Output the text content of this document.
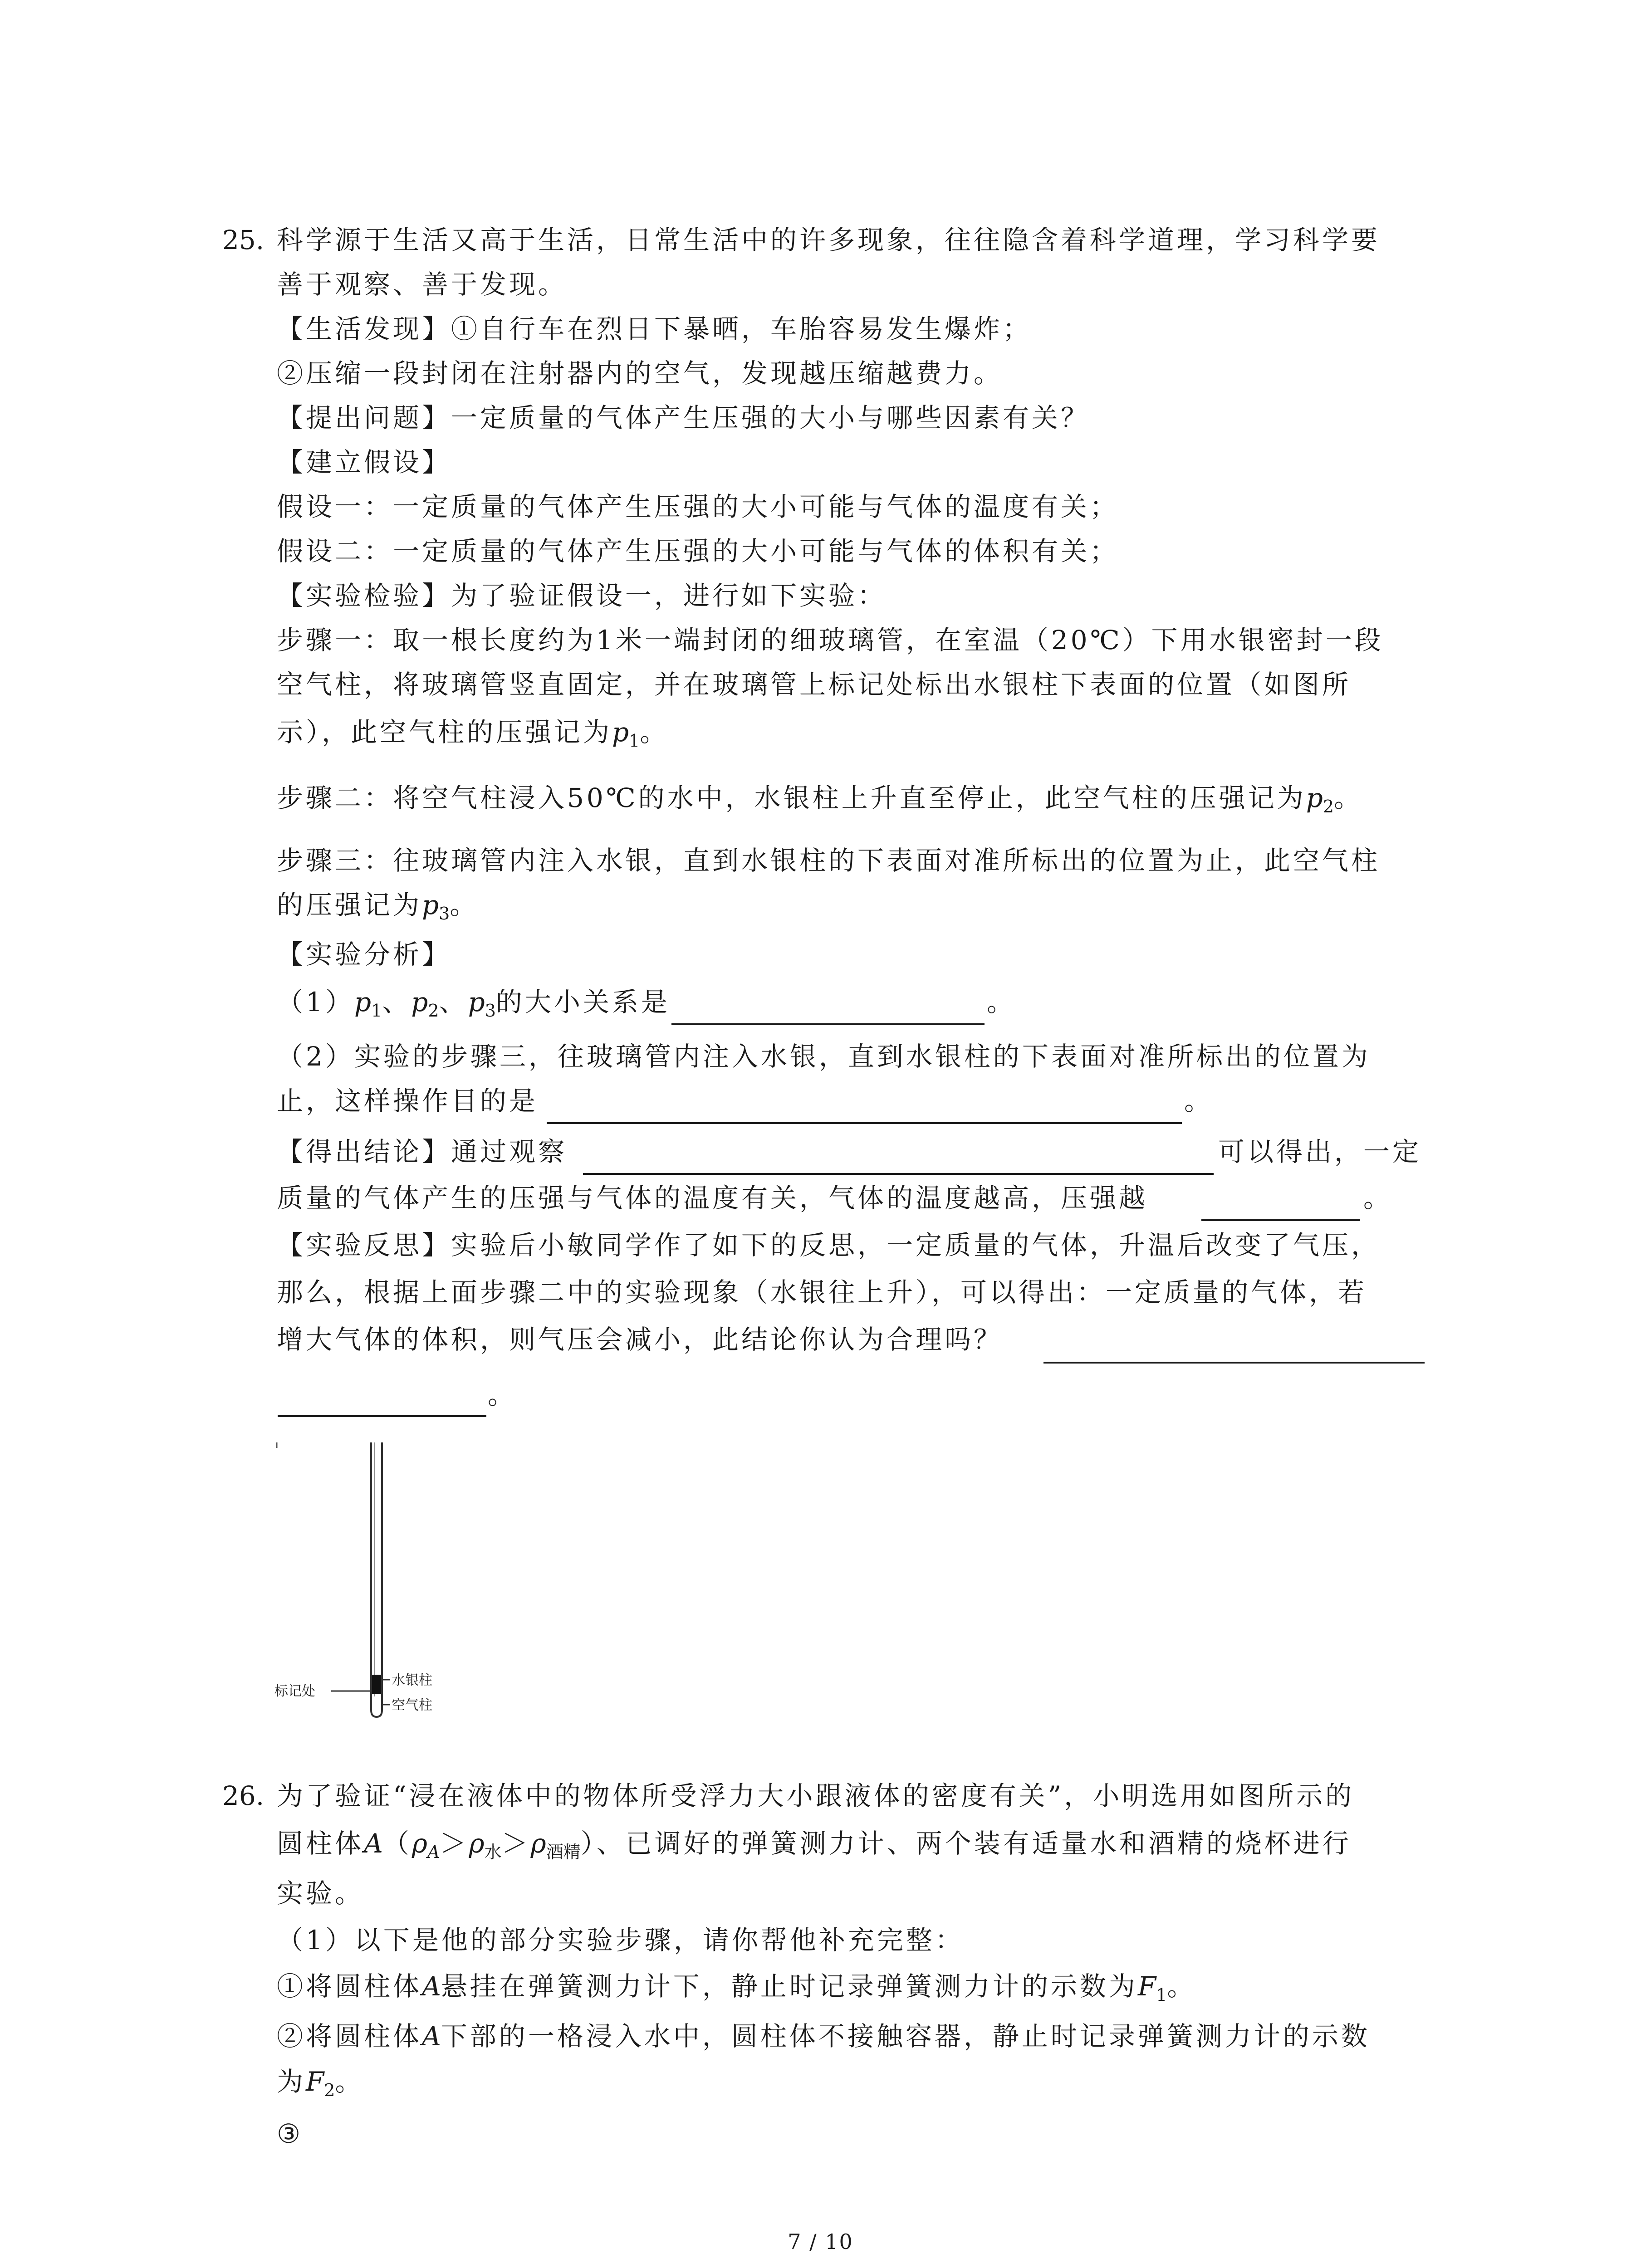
25. 科学源于生活又高于生活，日常生活中的许多现象，往往隐含着科学道理，学习科学要
善于观察、善于发现。
【生活发现】①自行车在烈日下暴晒，车胎容易发生爆炸；
②压缩一段封闭在注射器内的空气，发现越压缩越费力。
【提出问题】一定质量的气体产生压强的大小与哪些因素有关？
【建立假设】
假设一：一定质量的气体产生压强的大小可能与气体的温度有关；
假设二：一定质量的气体产生压强的大小可能与气体的体积有关；
【实验检验】为了验证假设一，进行如下实验：
步骤一：取一根长度约为1米一端封闭的细玻璃管，在室温（20℃）下用水银密封一段
空气柱，将玻璃管竖直固定，并在玻璃管上标记处标出水银柱下表面的位置（如图所
示），此空气柱的压强记为$p_1$。
步骤二：将空气柱浸入50℃的水中，水银柱上升直至停止，此空气柱的压强记为$p_2$。
步骤三：往玻璃管内注入水银，直到水银柱的下表面对准所标出的位置为止，此空气柱
的压强记为$p_3$。
【实验分析】
$(1)p_1$、$p_2$、$p_3$的大小关系是	。
（2）实验的步骤三，往玻璃管内注入水银，直到水银柱的下表面对准所标出的位置为
止，这样操作目的是	。
【得出结论】通过观察	可以得出，一定
质量的气体产生的压强与气体的温度有关，气体的温度越高，压强越	。
【实验反思】实验后小敏同学作了如下的反思，一定质量的气体，升温后改变了气压，
那么，根据上面步骤二中的实验现象（水银往上升），可以得出：一定质量的气体，若
增大气体的体积，则气压会减小，此结论你认为合理吗？
。
标记处
水银柱
空气柱
26. 为了验证“浸在液体中的物体所受浮力大小跟液体的密度有关”，小明选用如图所示的
圆柱体$A(\rho_A>\rho_水>\rho_{酒精})$、已调好的弹簧测力计、两个装有适量水和酒精的烧杯进行
实验。
（1）以下是他的部分实验步骤，请你帮他补充完整：
①将圆柱体A悬挂在弹簧测力计下，静止时记录弹簧测力计的示数为$F_1$。
②将圆柱体A下部的一格浸入水中，圆柱体不接触容器，静止时记录弹簧测力计的示数
为$F_2$。
③
7 / 10
